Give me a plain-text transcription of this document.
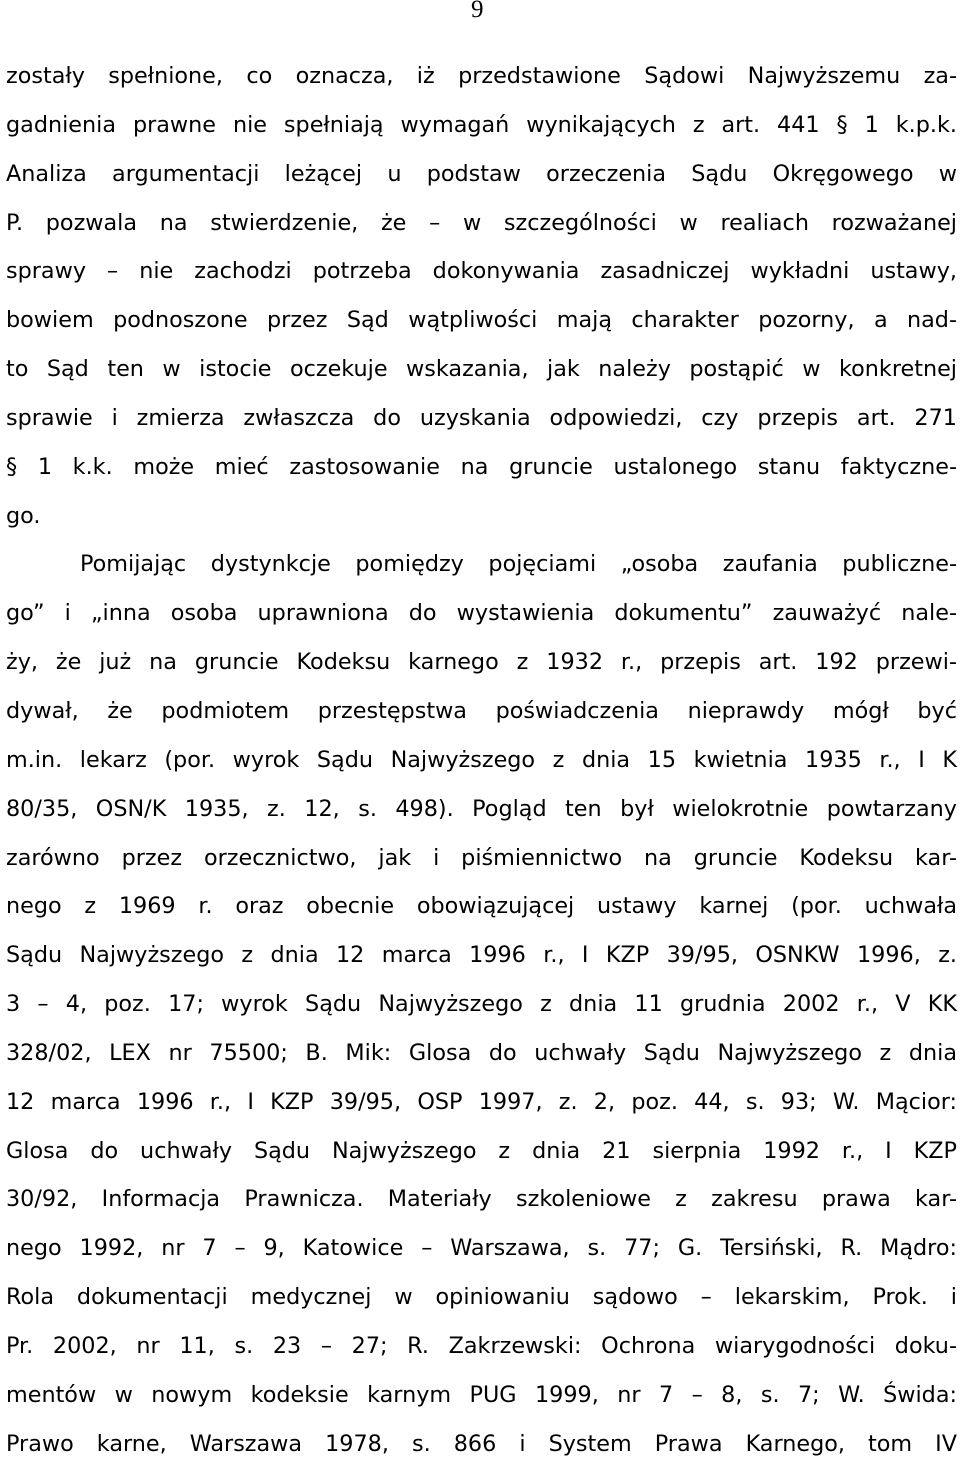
9
zostały spełnione, co oznacza, iż przedstawione Sądowi Najwyższemu za-
gadnienia prawne nie spełniają wymagań wynikających z art. 441 § 1 k.p.k.
Analiza argumentacji leżącej u podstaw orzeczenia Sądu Okręgowego w
P. pozwala na stwierdzenie, że – w szczególności w realiach rozważanej
sprawy – nie zachodzi potrzeba dokonywania zasadniczej wykładni ustawy,
bowiem podnoszone przez Sąd wątpliwości mają charakter pozorny, a nad-
to Sąd ten w istocie oczekuje wskazania, jak należy postąpić w konkretnej
sprawie i zmierza zwłaszcza do uzyskania odpowiedzi, czy przepis art. 271
§ 1 k.k. może mieć zastosowanie na gruncie ustalonego stanu faktyczne-
go.
Pomijając dystynkcje pomiędzy pojęciami „osoba zaufania publiczne-
go” i „inna osoba uprawniona do wystawienia dokumentu” zauważyć nale-
ży, że już na gruncie Kodeksu karnego z 1932 r., przepis art. 192 przewi-
dywał, że podmiotem przestępstwa poświadczenia nieprawdy mógł być
m.in. lekarz (por. wyrok Sądu Najwyższego z dnia 15 kwietnia 1935 r., I K
80/35, OSN/K 1935, z. 12, s. 498). Pogląd ten był wielokrotnie powtarzany
zarówno przez orzecznictwo, jak i piśmiennictwo na gruncie Kodeksu kar-
nego z 1969 r. oraz obecnie obowiązującej ustawy karnej (por. uchwała
Sądu Najwyższego z dnia 12 marca 1996 r., I KZP 39/95, OSNKW 1996, z.
3 – 4, poz. 17; wyrok Sądu Najwyższego z dnia 11 grudnia 2002 r., V KK
328/02, LEX nr 75500; B. Mik: Glosa do uchwały Sądu Najwyższego z dnia
12 marca 1996 r., I KZP 39/95, OSP 1997, z. 2, poz. 44, s. 93; W. Mącior:
Glosa do uchwały Sądu Najwyższego z dnia 21 sierpnia 1992 r., I KZP
30/92, Informacja Prawnicza. Materiały szkoleniowe z zakresu prawa kar-
nego 1992, nr 7 – 9, Katowice – Warszawa, s. 77; G. Tersiński, R. Mądro:
Rola dokumentacji medycznej w opiniowaniu sądowo – lekarskim, Prok. i
Pr. 2002, nr 11, s. 23 – 27; R. Zakrzewski: Ochrona wiarygodności doku-
mentów w nowym kodeksie karnym PUG 1999, nr 7 – 8, s. 7; W. Świda:
Prawo karne, Warszawa 1978, s. 866 i System Prawa Karnego, tom IV
